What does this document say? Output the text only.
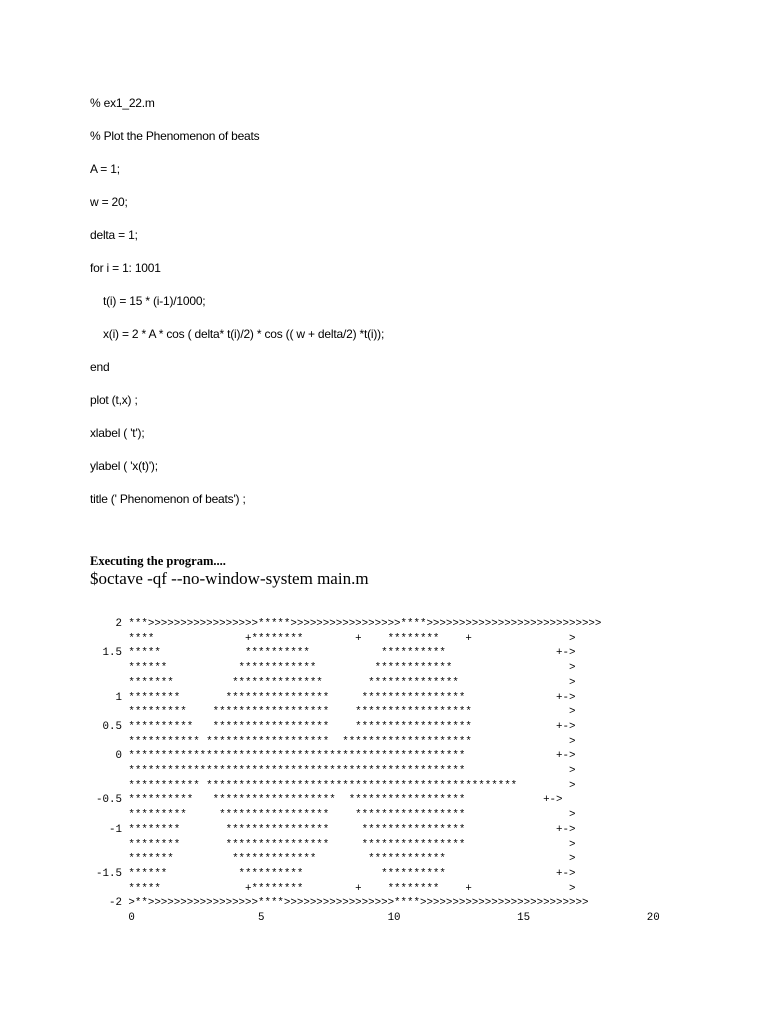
% ex1_22.m
% Plot the Phenomenon of beats
A = 1;
w = 20;
delta = 1;
for i = 1: 1001
t(i) = 15 * (i-1)/1000;
x(i) = 2 * A * cos ( delta* t(i)/2) * cos (( w + delta/2) *t(i));
end
plot (t,x) ;
xlabel ( 't');
ylabel ( 'x(t)');
title (' Phenomenon of beats') ;
Executing the program....
$octave -qf --no-window-system main.m
2 ***>>>>>>>>>>>>>>>>>*****>>>>>>>>>>>>>>>>>****>>>>>>>>>>>>>>>>>>>>>>>>>>>
****              +********        +    ********    +               >
1.5 *****             **********           **********                 +->
******           ************         ************                  >
*******         **************       **************                 >
1 ********       ****************     ****************              +->
*********    ******************    ******************               >
0.5 **********   ******************    ******************             +->
*********** *******************  ********************               >
0 ****************************************************              +->
****************************************************                >
*********** ************************************************        >
-0.5 **********   *******************  ******************            +->
*********     *****************    *****************                >
-1 ********       ****************     ****************              +->
********       ****************     ****************                >
*******         *************        ************                   >
-1.5 ******           **********            **********                 +->
*****             +********        +    ********    +               >
-2 >**>>>>>>>>>>>>>>>>>****>>>>>>>>>>>>>>>>>****>>>>>>>>>>>>>>>>>>>>>>>>>>
0                   5                   10                  15                  20
